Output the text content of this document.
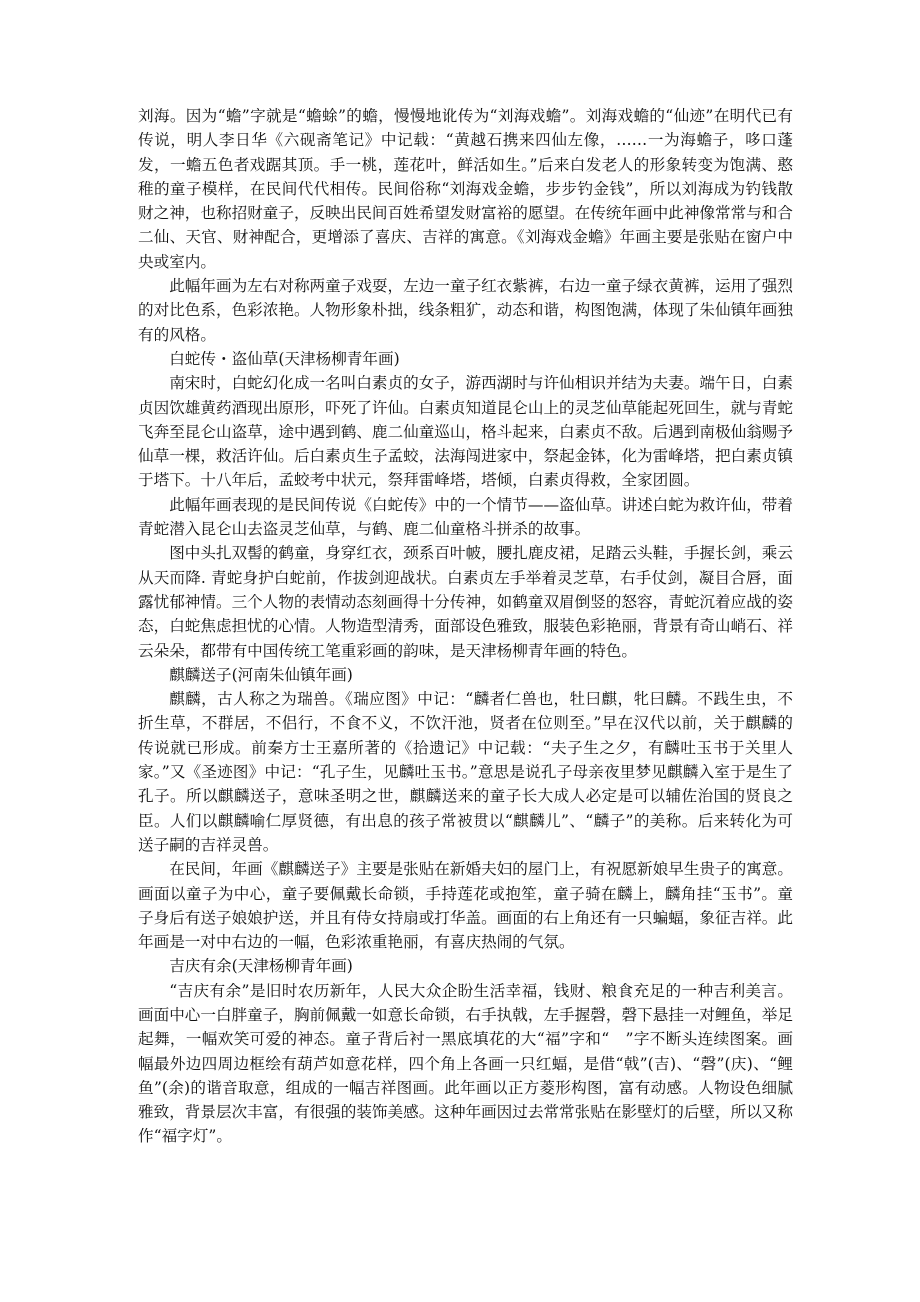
刘海。因为“蟾”字就是“蟾蜍”的蟾，慢慢地讹传为“刘海戏蟾”。刘海戏蟾的“仙迹”在明代已有传说，明人李日华《六砚斋笔记》中记载：“黄越石携来四仙左像，……一为海蟾子，哆口蓬发，一蟾五色者戏踞其顶。手一桃，莲花叶，鲜活如生。”后来白发老人的形象转变为饱满、憨稚的童子模样，在民间代代相传。民间俗称“刘海戏金蟾，步步钓金钱”，所以刘海成为钓钱散财之神，也称招财童子，反映出民间百姓希望发财富裕的愿望。在传统年画中此神像常常与和合二仙、天官、财神配合，更增添了喜庆、吉祥的寓意。《刘海戏金蟾》年画主要是张贴在窗户中央或室内。

此幅年画为左右对称两童子戏耍，左边一童子红衣紫裤，右边一童子绿衣黄裤，运用了强烈的对比色系，色彩浓艳。人物形象朴拙，线条粗犷，动态和谐，构图饱满，体现了朱仙镇年画独有的风格。

白蛇传・盗仙草(天津杨柳青年画)

南宋时，白蛇幻化成一名叫白素贞的女子，游西湖时与许仙相识并结为夫妻。端午日，白素贞因饮雄黄药酒现出原形，吓死了许仙。白素贞知道昆仑山上的灵芝仙草能起死回生，就与青蛇飞奔至昆仑山盗草，途中遇到鹤、鹿二仙童巡山，格斗起来，白素贞不敌。后遇到南极仙翁赐予仙草一棵，救活许仙。后白素贞生子孟蛟，法海闯进家中，祭起金钵，化为雷峰塔，把白素贞镇于塔下。十八年后，孟蛟考中状元，祭拜雷峰塔，塔倾，白素贞得救，全家团圆。

此幅年画表现的是民间传说《白蛇传》中的一个情节——盗仙草。讲述白蛇为救许仙，带着青蛇潜入昆仑山去盗灵芝仙草，与鹤、鹿二仙童格斗拼杀的故事。

图中头扎双髻的鹤童，身穿红衣，颈系百叶帔，腰扎鹿皮裙，足踏云头鞋，手握长剑，乘云从天而降. 青蛇身护白蛇前，作拔剑迎战状。白素贞左手举着灵芝草，右手仗剑，凝目合唇，面露忧郁神情。三个人物的表情动态刻画得十分传神，如鹤童双眉倒竖的怒容，青蛇沉着应战的姿态，白蛇焦虑担忧的心情。人物造型清秀，面部设色雅致，服装色彩艳丽，背景有奇山峭石、祥云朵朵，都带有中国传统工笔重彩画的韵味，是天津杨柳青年画的特色。

麒麟送子(河南朱仙镇年画)

麒麟，古人称之为瑞兽。《瑞应图》中记：“麟者仁兽也，牡曰麒，牝曰麟。不践生虫，不折生草，不群居，不侣行，不食不义，不饮汗池，贤者在位则至。”早在汉代以前，关于麒麟的传说就已形成。前秦方士王嘉所著的《拾遗记》中记载：“夫子生之夕，有麟吐玉书于关里人家。”又《圣迹图》中记：“孔子生，见麟吐玉书。”意思是说孔子母亲夜里梦见麒麟入室于是生了孔子。所以麒麟送子，意味圣明之世，麒麟送来的童子长大成人必定是可以辅佐治国的贤良之臣。人们以麒麟喻仁厚贤德，有出息的孩子常被贯以“麒麟儿”、“麟子”的美称。后来转化为可送子嗣的吉祥灵兽。

在民间，年画《麒麟送子》主要是张贴在新婚夫妇的屋门上，有祝愿新娘早生贵子的寓意。画面以童子为中心，童子要佩戴长命锁，手持莲花或抱笙，童子骑在麟上，麟角挂“玉书”。童子身后有送子娘娘护送，并且有侍女持扇或打华盖。画面的右上角还有一只蝙蝠，象征吉祥。此年画是一对中右边的一幅，色彩浓重艳丽，有喜庆热闹的气氛。

吉庆有余(天津杨柳青年画)

“吉庆有余”是旧时农历新年，人民大众企盼生活幸福，钱财、粮食充足的一种吉利美言。画面中心一白胖童子，胸前佩戴一如意长命锁，右手执戟，左手握磬，磬下悬挂一对鲤鱼，举足起舞，一幅欢笑可爱的神态。童子背后衬一黑底填花的大“福”字和“　”字不断头连续图案。画幅最外边四周边框绘有葫芦如意花样，四个角上各画一只红蝠，是借“戟”(吉)、“磬”(庆)、“鲤鱼”(余)的谐音取意，组成的一幅吉祥图画。此年画以正方菱形构图，富有动感。人物设色细腻雅致，背景层次丰富，有很强的装饰美感。这种年画因过去常常张贴在影壁灯的后壁，所以又称作“福字灯”。
